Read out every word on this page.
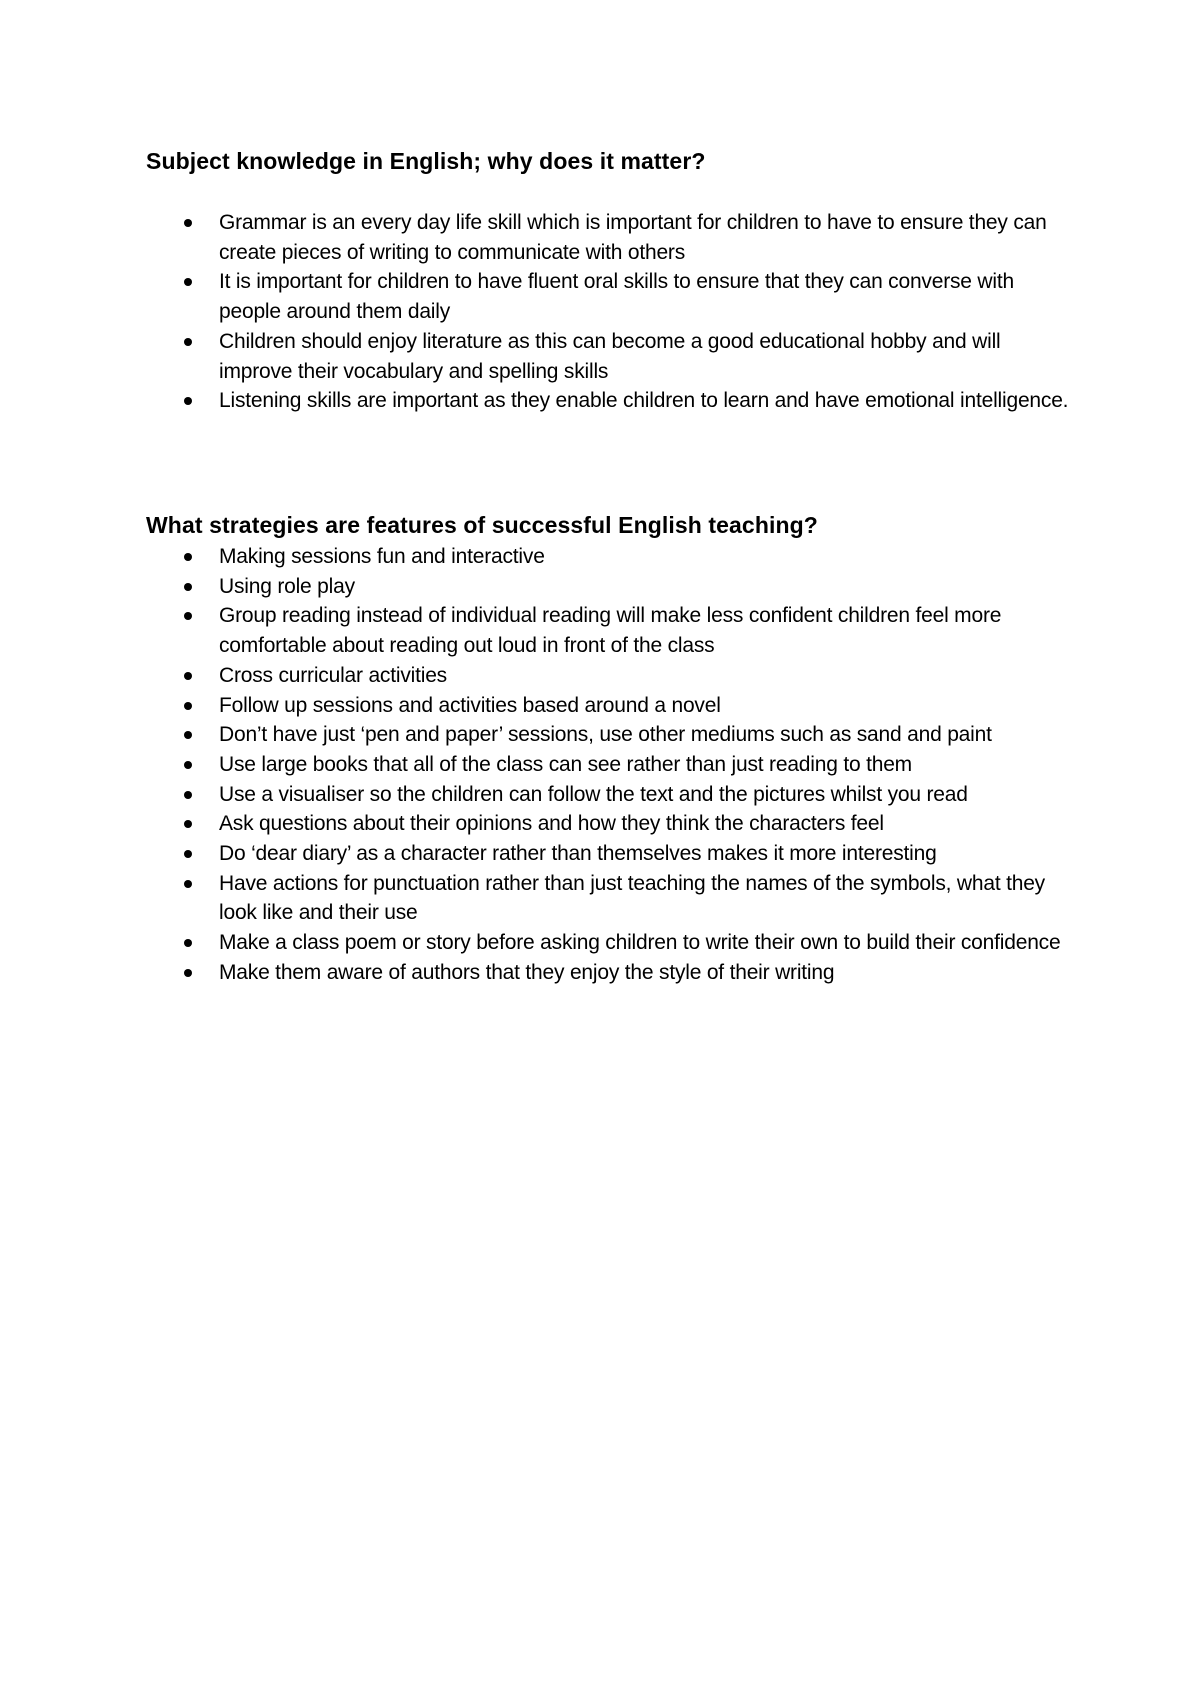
Subject knowledge in English; why does it matter?
Grammar is an every day life skill which is important for children to have to ensure they can create pieces of writing to communicate with others
It is important for children to have fluent oral skills to ensure that they can converse with people around them daily
Children should enjoy literature as this can become a good educational hobby and will improve their vocabulary and spelling skills
Listening skills are important as they enable children to learn and have emotional intelligence.
What strategies are features of successful English teaching?
Making sessions fun and interactive
Using role play
Group reading instead of individual reading will make less confident children feel more comfortable about reading out loud in front of the class
Cross curricular activities
Follow up sessions and activities based around a novel
Don’t have just ‘pen and paper’ sessions, use other mediums such as sand and paint
Use large books that all of the class can see rather than just reading to them
Use a visualiser so the children can follow the text and the pictures whilst you read
Ask questions about their opinions and how they think the characters feel
Do ‘dear diary’ as a character rather than themselves makes it more interesting
Have actions for punctuation rather than just teaching the names of the symbols, what they look like and their use
Make a class poem or story before asking children to write their own to build their confidence
Make them aware of authors that they enjoy the style of their writing
